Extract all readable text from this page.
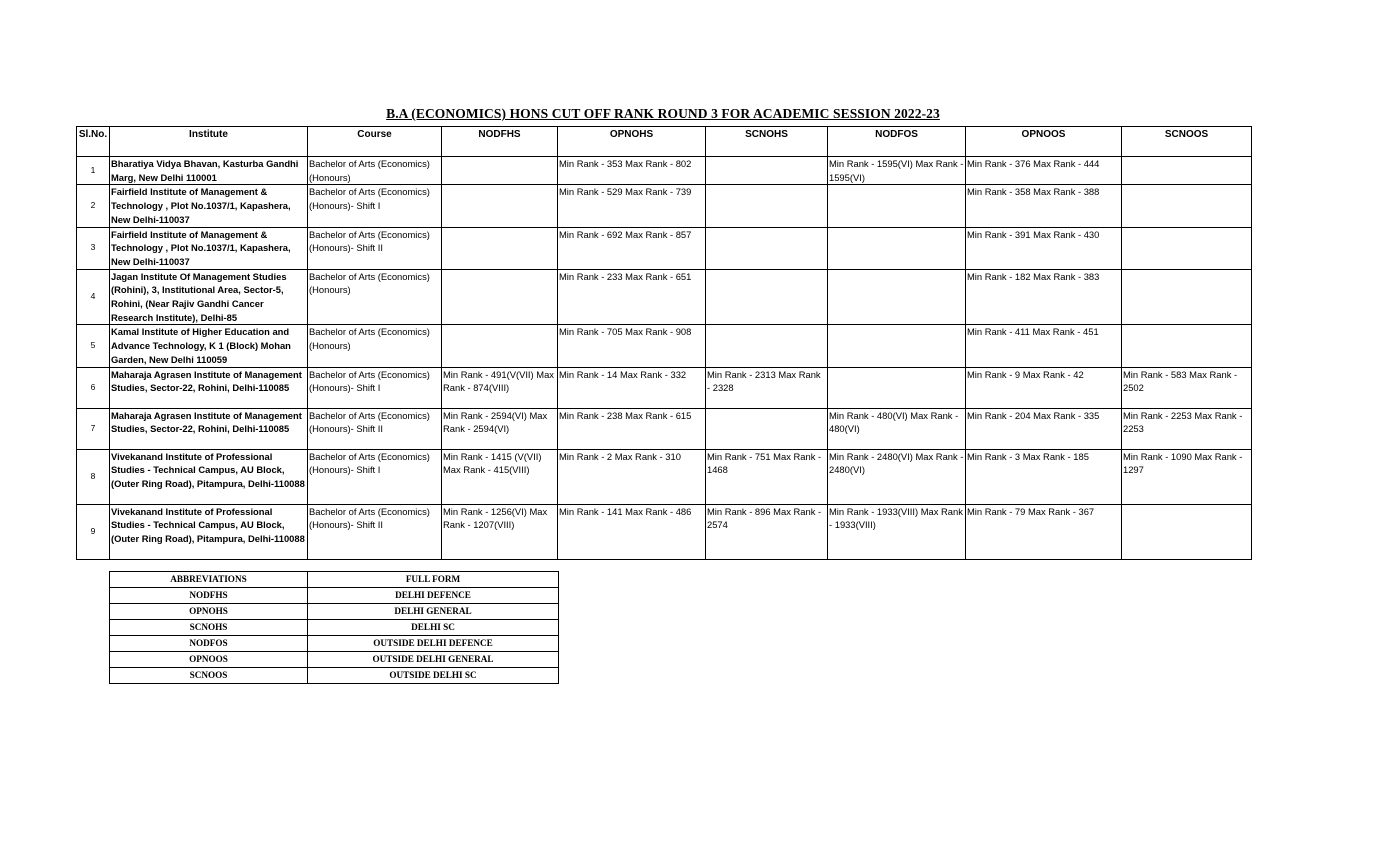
B.A (ECONOMICS) HONS CUT OFF RANK ROUND 3 FOR ACADEMIC SESSION 2022-23
Sl.No.	Institute	Course	NODFHS	OPNOHS	SCNOHS	NODFOS	OPNOOS	SCNOOS
1	Bharatiya Vidya Bhavan, Kasturba Gandhi Marg, New Delhi 110001	Bachelor of Arts (Economics) (Honours)		Min Rank - 353 Max Rank - 802		Min Rank - 1595(VI) Max Rank - 1595(VI)	Min Rank - 376 Max Rank - 444	
2	Fairfield Institute of Management & Technology , Plot No.1037/1, Kapashera, New Delhi-110037	Bachelor of Arts (Economics) (Honours)- Shift I		Min Rank - 529 Max Rank - 739			Min Rank - 358 Max Rank - 388	
3	Fairfield Institute of Management & Technology , Plot No.1037/1, Kapashera, New Delhi-110037	Bachelor of Arts (Economics) (Honours)- Shift II		Min Rank - 692 Max Rank - 857			Min Rank - 391 Max Rank - 430	
4	Jagan Institute Of Management Studies (Rohini), 3, Institutional Area, Sector-5, Rohini, (Near Rajiv Gandhi Cancer Research Institute), Delhi-85	Bachelor of Arts (Economics) (Honours)		Min Rank - 233 Max Rank - 651			Min Rank - 182 Max Rank - 383	
5	Kamal Institute of Higher Education and Advance Technology, K 1 (Block) Mohan Garden, New Delhi 110059	Bachelor of Arts (Economics) (Honours)		Min Rank - 705 Max Rank - 908			Min Rank - 411 Max Rank - 451	
6	Maharaja Agrasen Institute of Management Studies, Sector-22, Rohini, Delhi-110085	Bachelor of Arts (Economics) (Honours)- Shift I	Min Rank - 491(V(VII) Max Rank - 874(VIII)	Min Rank - 14 Max Rank - 332	Min Rank - 2313 Max Rank - 2328		Min Rank - 9 Max Rank - 42	Min Rank - 583 Max Rank - 2502
7	Maharaja Agrasen Institute of Management Studies, Sector-22, Rohini, Delhi-110085	Bachelor of Arts (Economics) (Honours)- Shift II	Min Rank - 2594(VI) Max Rank - 2594(VI)	Min Rank - 238 Max Rank - 615		Min Rank - 480(VI) Max Rank - 480(VI)	Min Rank - 204 Max Rank - 335	Min Rank - 2253 Max Rank - 2253
8	Vivekanand Institute of Professional Studies - Technical Campus, AU Block,(Outer Ring Road), Pitampura, Delhi-110088	Bachelor of Arts (Economics) (Honours)- Shift I	Min Rank - 1415 (V(VII) Max Rank - 415(VIII)	Min Rank - 2 Max Rank - 310	Min Rank - 751 Max Rank - 1468	Min Rank - 2480(VI) Max Rank - 2480(VI)	Min Rank - 3 Max Rank - 185	Min Rank - 1090 Max Rank - 1297
9	Vivekanand Institute of Professional Studies - Technical Campus, AU Block,(Outer Ring Road), Pitampura, Delhi-110088	Bachelor of Arts (Economics) (Honours)- Shift II	Min Rank - 1256(VI) Max Rank - 1207(VIII)	Min Rank - 141 Max Rank - 486	Min Rank - 896 Max Rank - 2574	Min Rank - 1933(VIII) Max Rank - 1933(VIII)	Min Rank - 79 Max Rank - 367	
ABBREVIATIONS	FULL FORM
NODFHS	DELHI DEFENCE
OPNOHS	DELHI GENERAL
SCNOHS	DELHI SC
NODFOS	OUTSIDE DELHI DEFENCE
OPNOOS	OUTSIDE DELHI GENERAL
SCNOOS	OUTSIDE DELHI SC
